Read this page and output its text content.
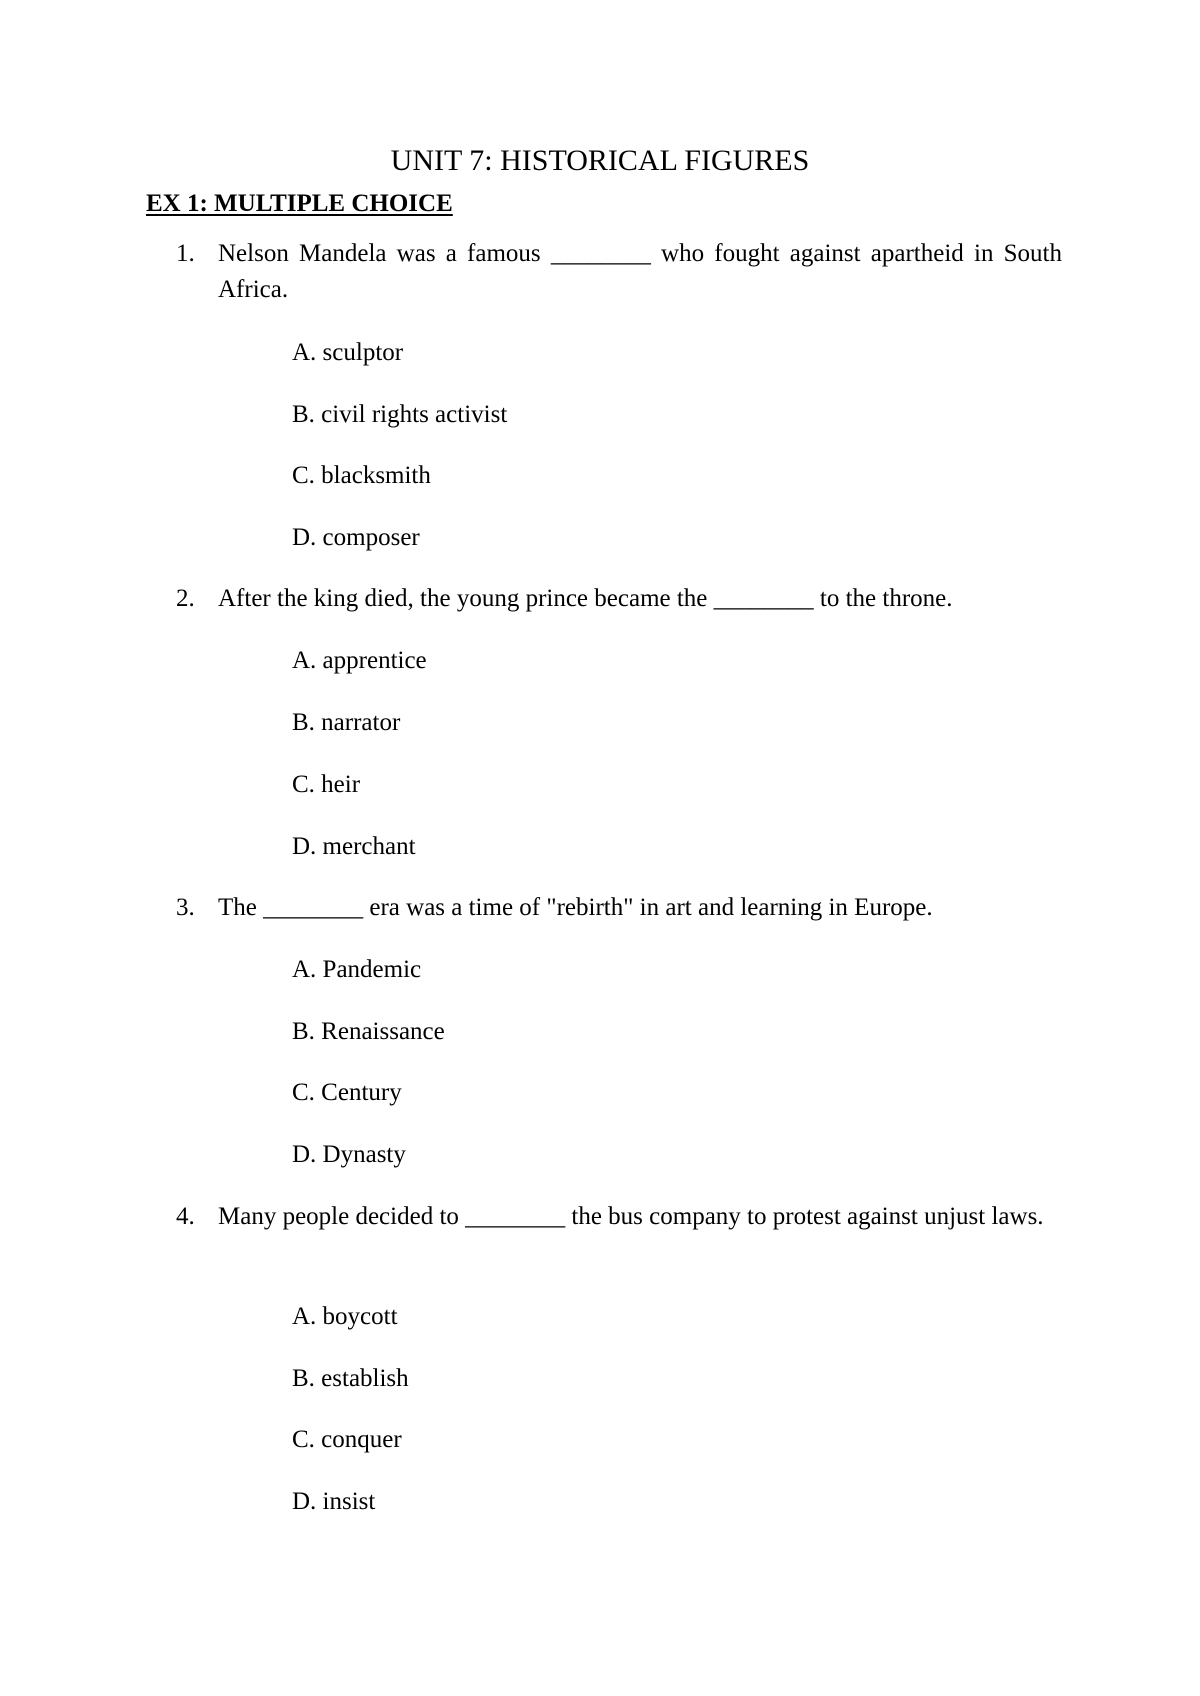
UNIT 7: HISTORICAL FIGURES
EX 1: MULTIPLE CHOICE
1. Nelson Mandela was a famous ________ who fought against apartheid in South Africa.
A. sculptor
B. civil rights activist
C. blacksmith
D. composer
2. After the king died, the young prince became the ________ to the throne.
A. apprentice
B. narrator
C. heir
D. merchant
3. The ________ era was a time of "rebirth" in art and learning in Europe.
A. Pandemic
B. Renaissance
C. Century
D. Dynasty
4. Many people decided to ________ the bus company to protest against unjust laws.
A. boycott
B. establish
C. conquer
D. insist
